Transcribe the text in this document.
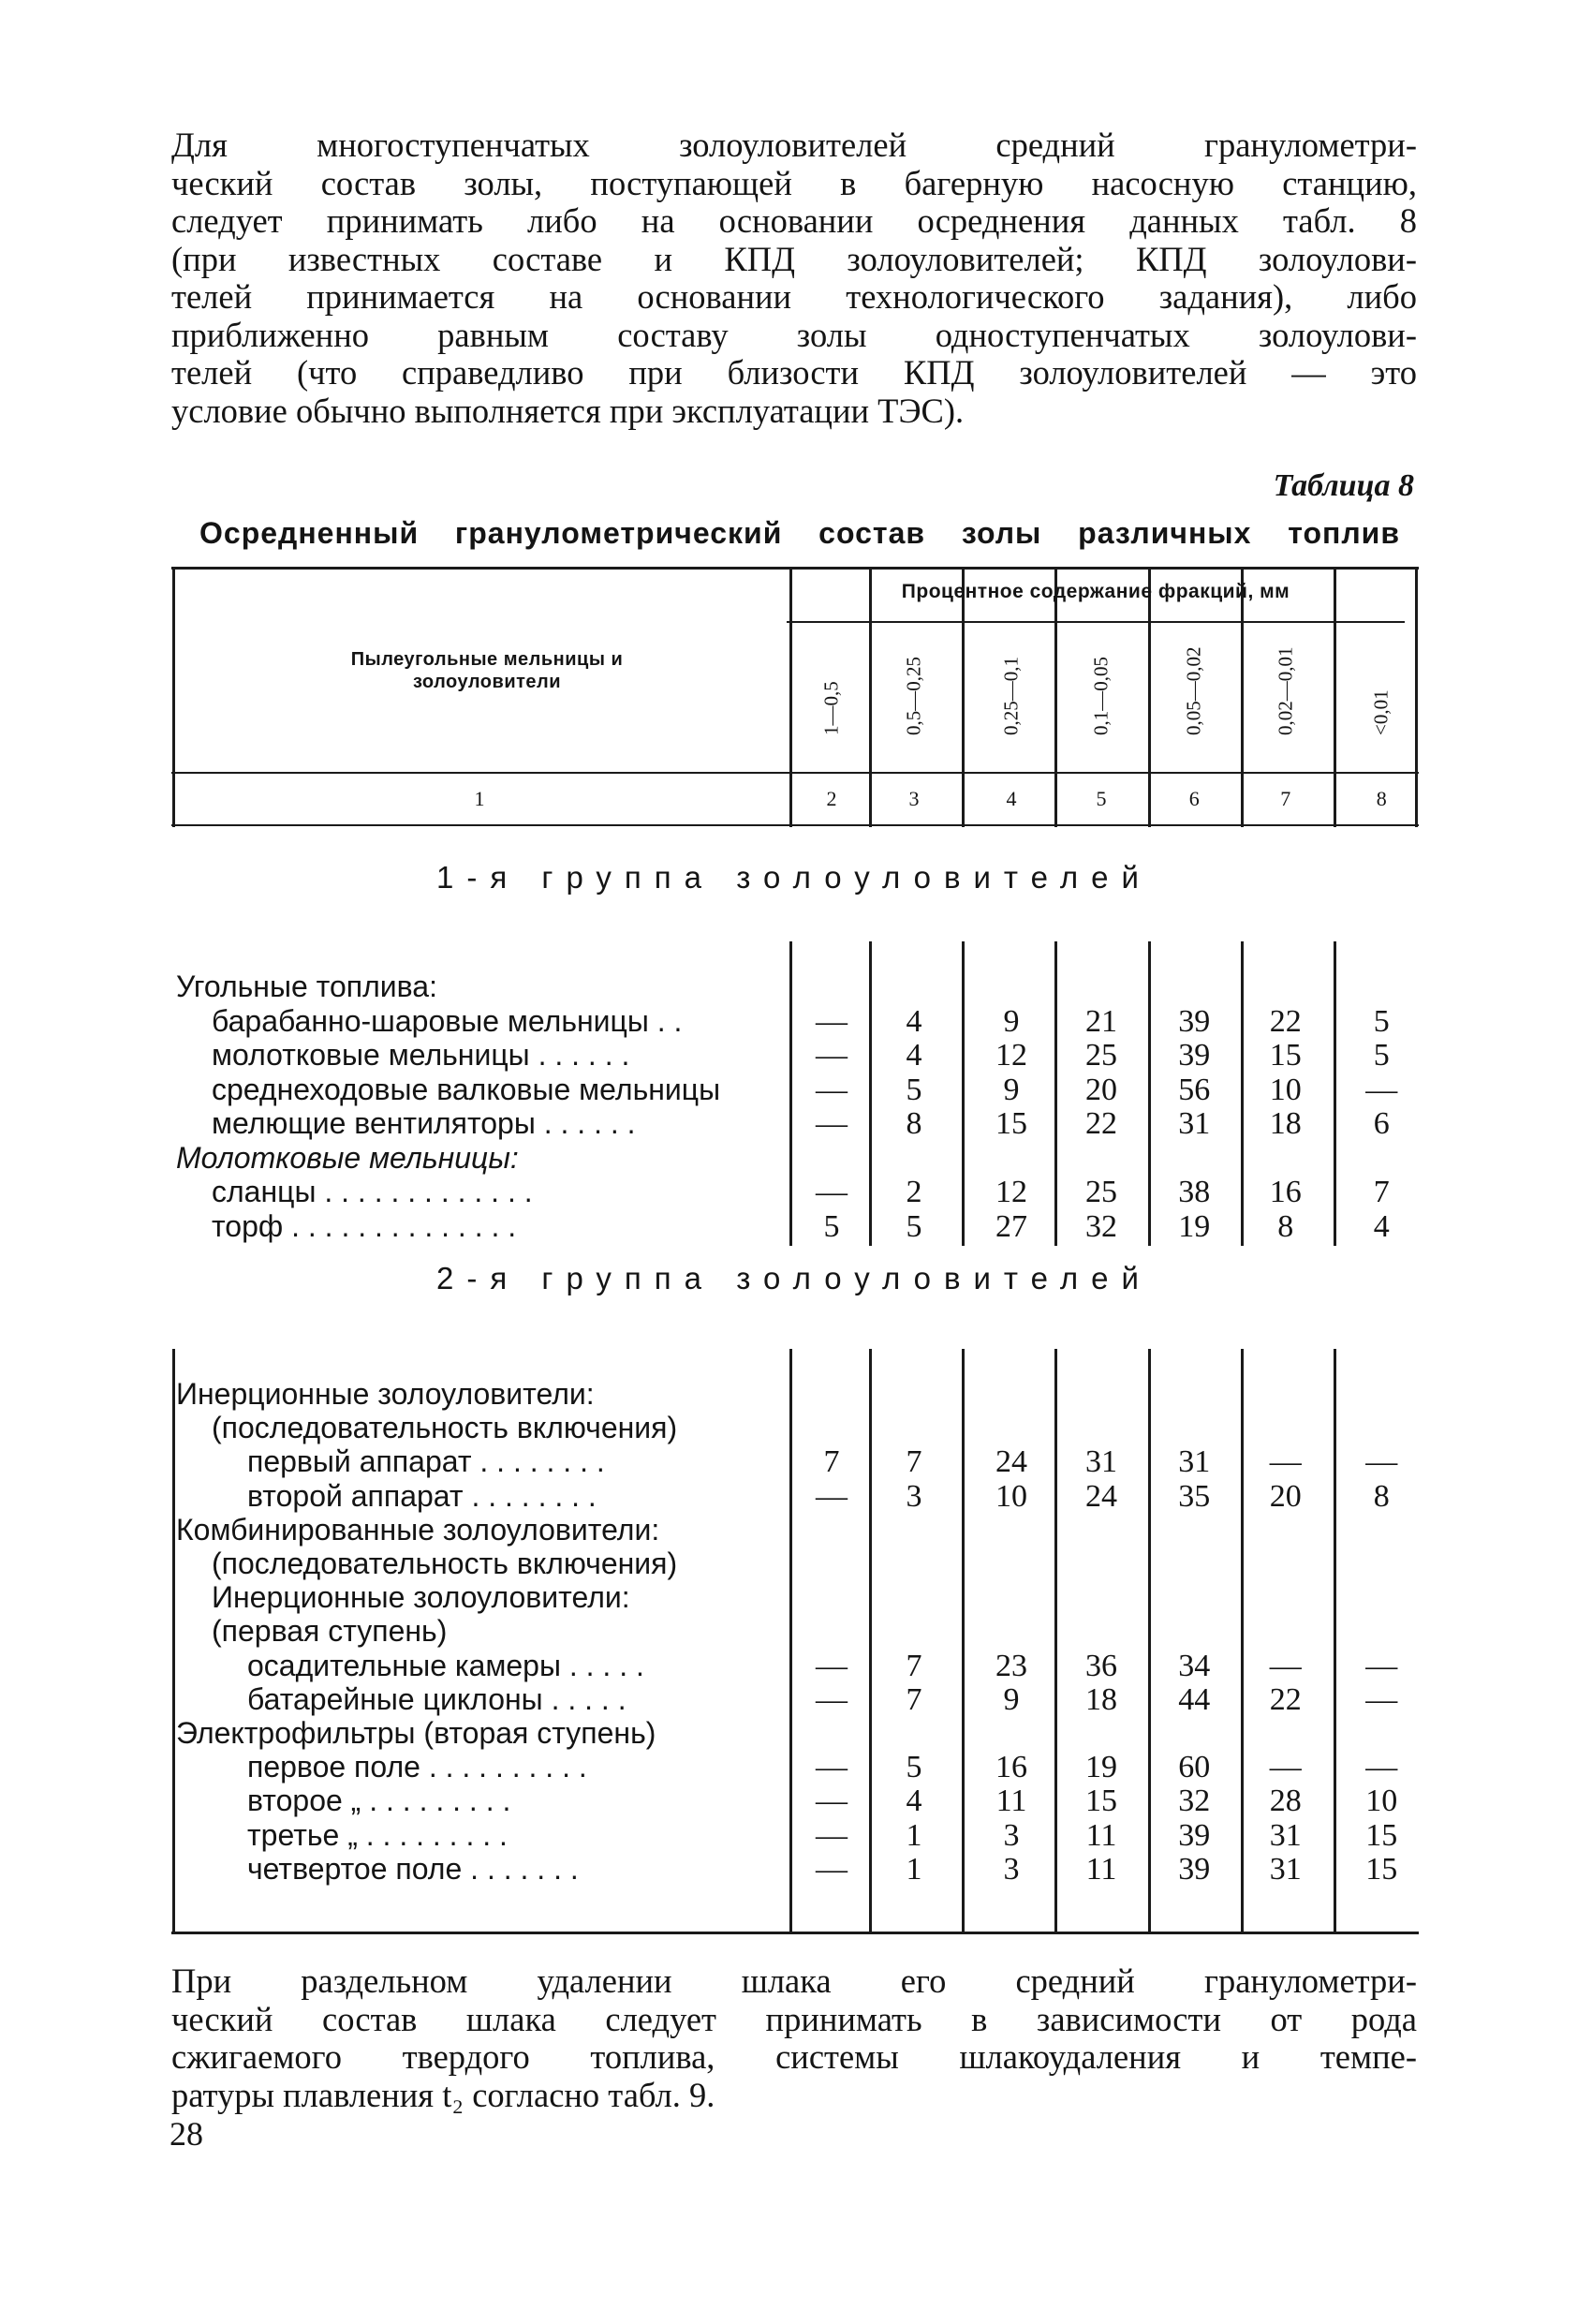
Для многоступенчатых золоуловителей средний гранулометри-
ческий состав золы, поступающей в багерную насосную станцию,
следует принимать либо на основании осреднения данных табл. 8
(при известных составе и КПД золоуловителей; КПД золоулови-
телей принимается на основании технологического задания), либо
приближенно равным составу золы одноступенчатых золоулови-
телей (что справедливо при близости КПД золоуловителей — это
условие обычно выполняется при эксплуатации ТЭС).

Таблица 8
Осредненный гранулометрический состав золы различных топлив
Пылеугольные мельницы и
золоуловители
Процентное содержание фракций, мм
1—0,5	0,5—0,25	0,25—0,1	0,1—0,05	0,05—0,02	0,02—0,01	<0,01
1	2	3	4	5	6	7	8
1-я группа золоуловителей
2-я группа золоуловителей
Угольные топлива:
барабанно-шаровые мельницы . .	—	4	9	21	39	22	5
молотковые мельницы . . . . . .	—	4	12	25	39	15	5
среднеходовые валковые мельницы	—	5	9	20	56	10	—
мелющие вентиляторы . . . . . .	—	8	15	22	31	18	6
Молотковые мельницы:
сланцы . . . . . . . . . . . . .	—	2	12	25	38	16	7
торф . . . . . . . . . . . . . .	5	5	27	32	19	8	4
Инерционные золоуловители:
(последовательность включения)
первый аппарат . . . . . . . .	7	7	24	31	31	—	—
второй аппарат . . . . . . . .	—	3	10	24	35	20	8
Комбинированные золоуловители:
(последовательность включения)
Инерционные золоуловители:
(первая ступень)
осадительные камеры . . . . .	—	7	23	36	34	—	—
батарейные циклоны . . . . .	—	7	9	18	44	22	—
Электрофильтры (вторая ступень)
первое поле . . . . . . . . . .	—	5	16	19	60	—	—
второе „ . . . . . . . . .	—	4	11	15	32	28	10
третье „ . . . . . . . . .	—	1	3	11	39	31	15
четвертое поле . . . . . . .	—	1	3	11	39	31	15

При раздельном удалении шлака его средний гранулометри-
ческий состав шлака следует принимать в зависимости от рода
сжигаемого твердого топлива, системы шлакоудаления и темпе-
ратуры плавления t₂ согласно табл. 9.

28
